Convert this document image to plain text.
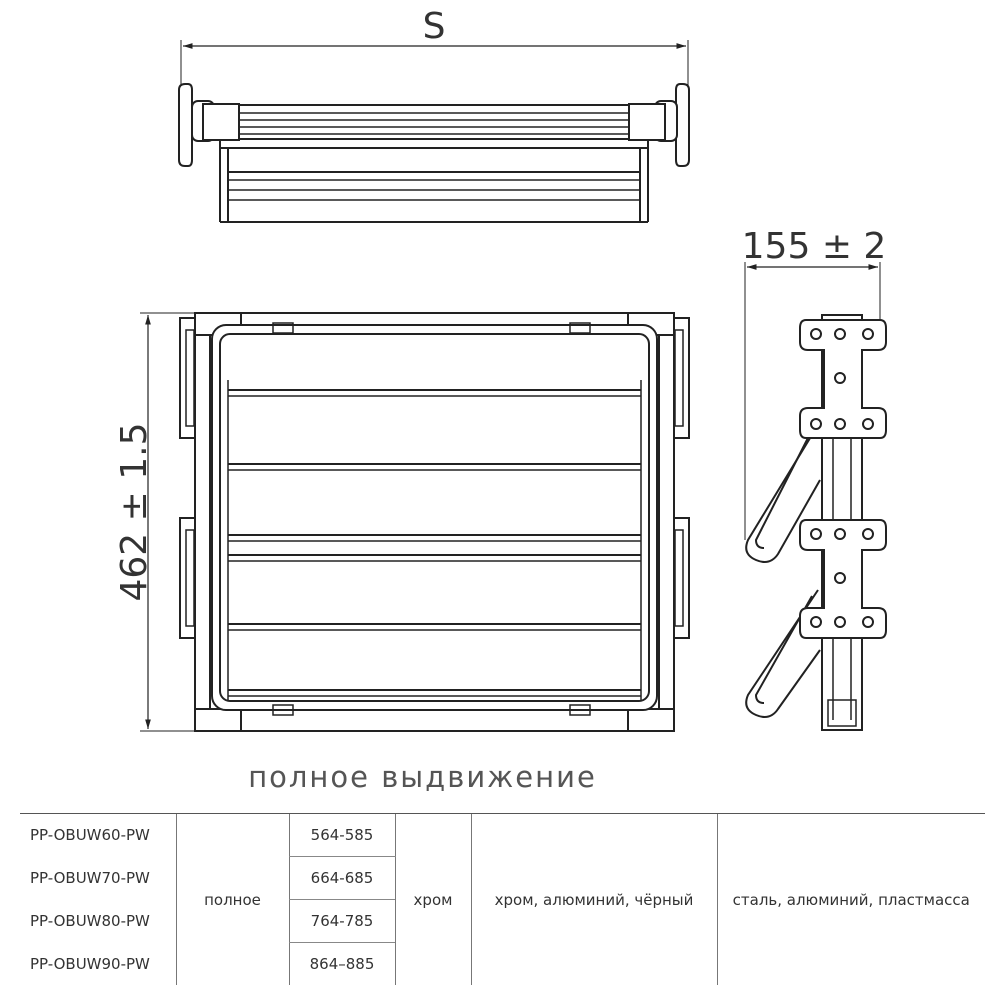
S
462 ± 1.5
155 ± 2
полное выдвижение
PP-OBUW60-PW	полное	564-585	хром	хром, алюминий, чёрный	сталь, алюминий, пластмасса
PP-OBUW70-PW		664-685			
PP-OBUW80-PW		764-785			
PP-OBUW90-PW		864–885			
